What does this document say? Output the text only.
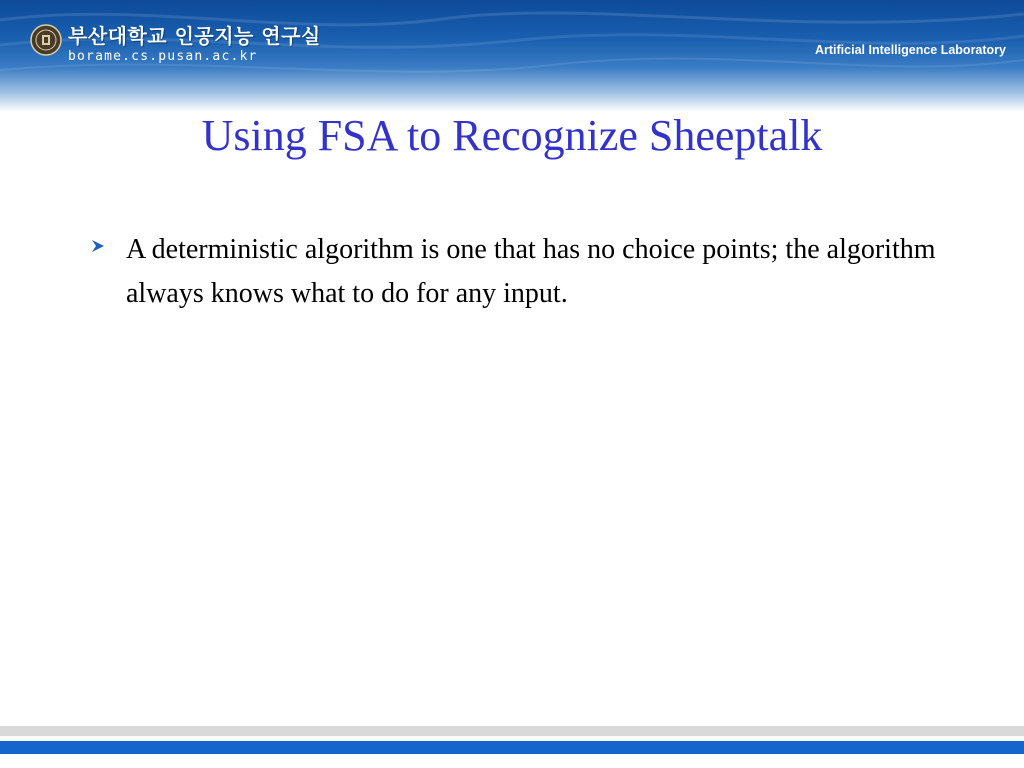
부산대학교 인공지능 연구실
borame.cs.pusan.ac.kr	Artificial Intelligence Laboratory
Using FSA to Recognize Sheeptalk
A deterministic algorithm is one that has no choice points; the algorithm always knows what to do for any input.
